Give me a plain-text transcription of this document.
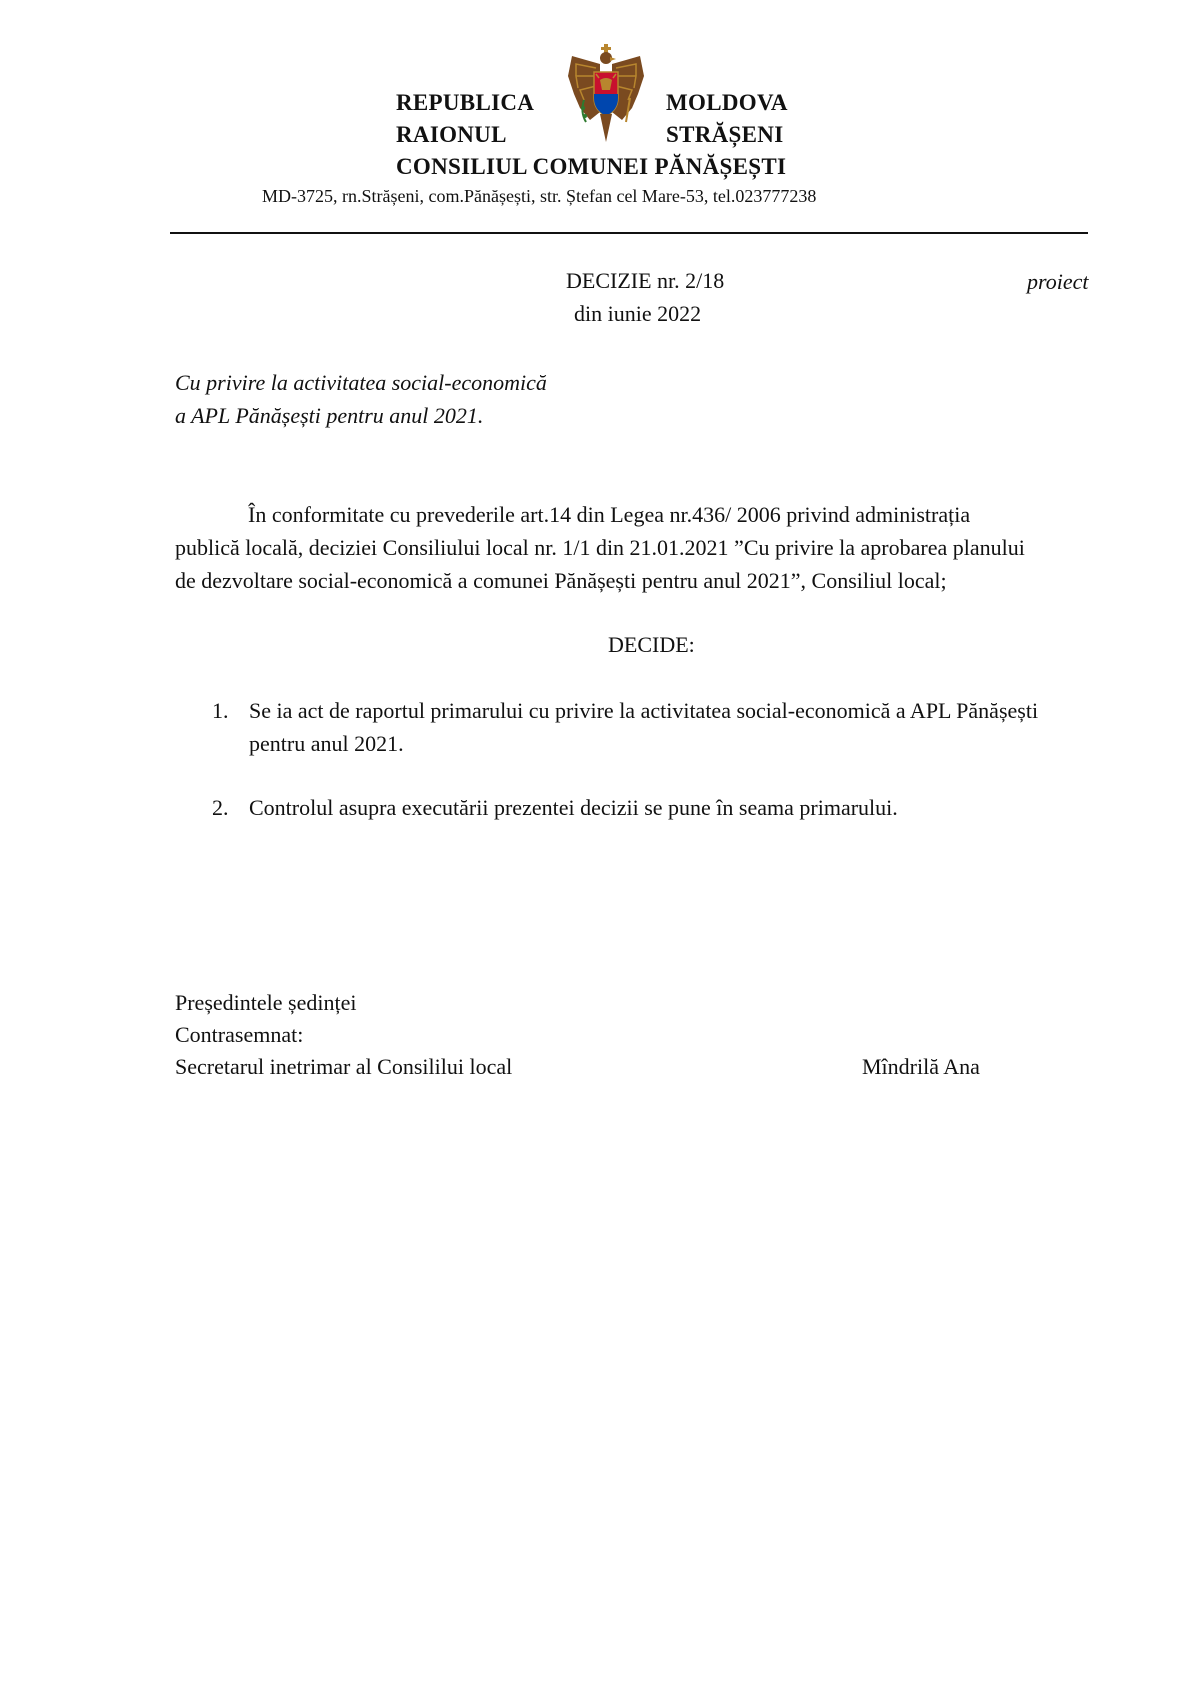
REPUBLICA	MOLDOVA
RAIONUL	STRĂȘENI
CONSILIUL COMUNEI PĂNĂȘEȘTI
MD-3725, rn.Strășeni, com.Pănășești, str. Ștefan cel Mare-53, tel.023777238
DECIZIE nr. 2/18
din iunie 2022
proiect
Cu privire la activitatea social-economică
a APL Pănășești pentru anul 2021.
În conformitate cu prevederile art.14 din Legea nr.436/ 2006 privind administrația
publică locală, deciziei Consiliului local nr. 1/1 din 21.01.2021 ”Cu privire la aprobarea planului
de dezvoltare social-economică a comunei Pănășești pentru anul 2021”, Consiliul local;
DECIDE:
1. Se ia act de raportul primarului cu privire la activitatea social-economică a APL Pănășești
pentru anul 2021.
2. Controlul asupra executării prezentei decizii se pune în seama primarului.
Președintele ședinței
Contrasemnat:
Secretarul inetrimar al Consililui local	Mîndrilă Ana
